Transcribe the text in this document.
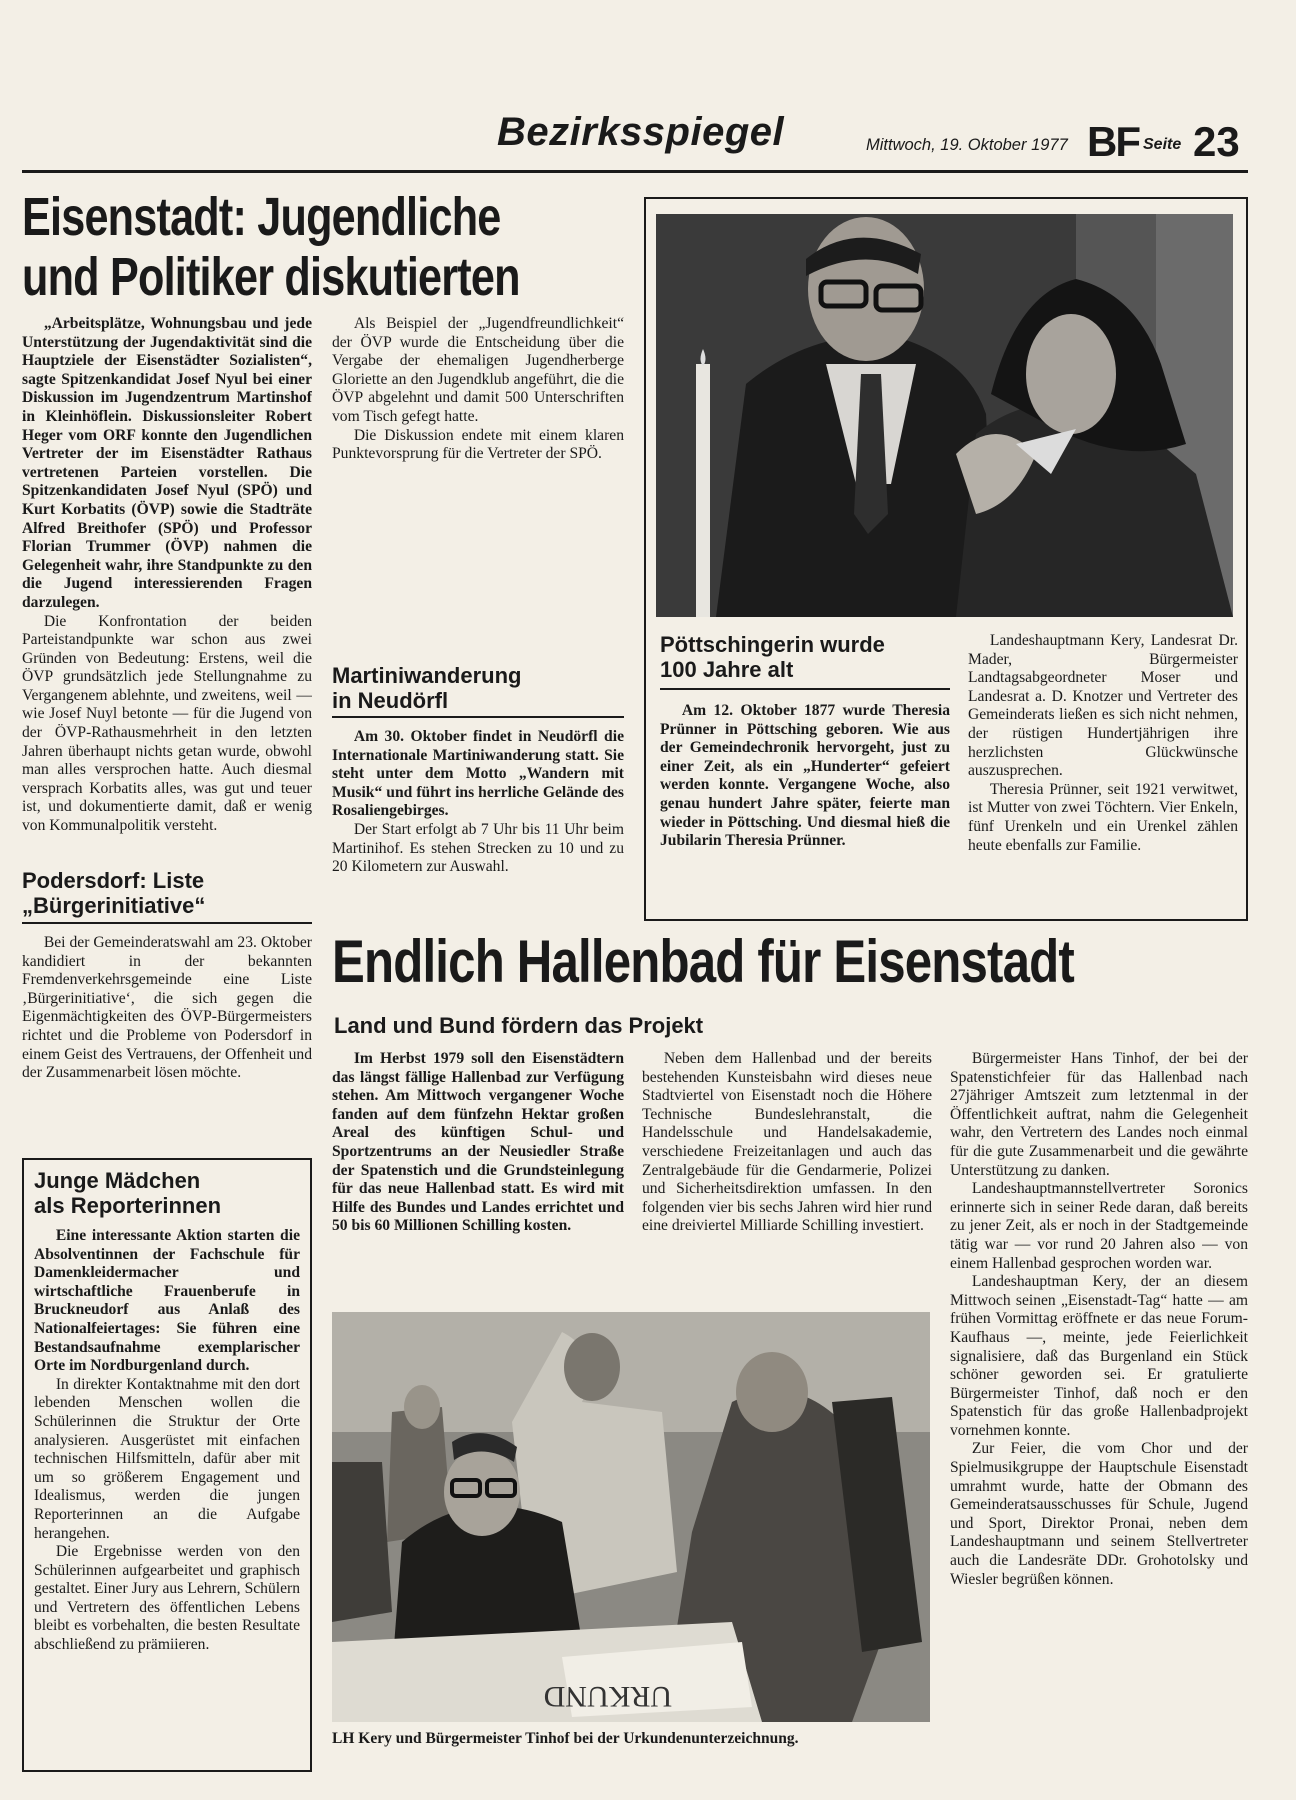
Bezirksspiegel	Mittwoch, 19. Oktober 1977 BF Seite 23
Eisenstadt: Jugendliche
und Politiker diskutierten

„Arbeitsplätze, Wohnungsbau und jede Unterstützung der Jugendaktivität sind die Hauptziele der Eisenstädter Sozialisten“, sagte Spitzenkandidat Josef Nyul bei einer Diskussion im Jugendzentrum Martinshof in Kleinhöflein. Diskussionsleiter Robert Heger vom ORF konnte den Jugendlichen Vertreter der im Eisenstädter Rathaus vertretenen Parteien vorstellen. Die Spitzenkandidaten Josef Nyul (SPÖ) und Kurt Korbatits (ÖVP) sowie die Stadträte Alfred Breithofer (SPÖ) und Professor Florian Trummer (ÖVP) nahmen die Gelegenheit wahr, ihre Standpunkte zu den die Jugend interessierenden Fragen darzulegen.

Die Konfrontation der beiden Parteistandpunkte war schon aus zwei Gründen von Bedeutung: Erstens, weil die ÖVP grundsätzlich jede Stellungnahme zu Vergangenem ablehnte, und zweitens, weil — wie Josef Nuyl betonte — für die Jugend von der ÖVP-Rathausmehrheit in den letzten Jahren überhaupt nichts getan wurde, obwohl man alles versprochen hatte. Auch diesmal versprach Korbatits alles, was gut und teuer ist, und dokumentierte damit, daß er wenig von Kommunalpolitik versteht.

Als Beispiel der „Jugendfreundlichkeit“ der ÖVP wurde die Entscheidung über die Vergabe der ehemaligen Jugendherberge Gloriette an den Jugendklub angeführt, die die ÖVP abgelehnt und damit 500 Unterschriften vom Tisch gefegt hatte.

Die Diskussion endete mit einem klaren Punktevorsprung für die Vertreter der SPÖ.

Podersdorf: Liste
„Bürgerinitiative“

Bei der Gemeinderatswahl am 23. Oktober kandidiert in der bekannten Fremdenverkehrsgemeinde eine Liste ‚Bürgerinitiative‘, die sich gegen die Eigenmächtigkeiten des ÖVP-Bürgermeisters richtet und die Probleme von Podersdorf in einem Geist des Vertrauens, der Offenheit und der Zusammenarbeit lösen möchte.

Martiniwanderung
in Neudörfl

Am 30. Oktober findet in Neudörfl die Internationale Martiniwanderung statt. Sie steht unter dem Motto „Wandern mit Musik“ und führt ins herrliche Gelände des Rosaliengebirges.

Der Start erfolgt ab 7 Uhr bis 11 Uhr beim Martinihof. Es stehen Strecken zu 10 und zu 20 Kilometern zur Auswahl.

Pöttschingerin wurde
100 Jahre alt

Am 12. Oktober 1877 wurde Theresia Prünner in Pöttsching geboren. Wie aus der Gemeindechronik hervorgeht, just zu einer Zeit, als ein „Hunderter“ gefeiert werden konnte. Vergangene Woche, also genau hundert Jahre später, feierte man wieder in Pöttsching. Und diesmal hieß die Jubilarin Theresia Prünner.

Landeshauptmann Kery, Landesrat Dr. Mader, Bürgermeister Landtagsabgeordneter Moser und Landesrat a. D. Knotzer und Vertreter des Gemeinderats ließen es sich nicht nehmen, der rüstigen Hundertjährigen ihre herzlichsten Glückwünsche auszusprechen.

Theresia Prünner, seit 1921 verwitwet, ist Mutter von zwei Töchtern. Vier Enkeln, fünf Urenkeln und ein Urenkel zählen heute ebenfalls zur Familie.

Endlich Hallenbad für Eisenstadt
Land und Bund fördern das Projekt

Im Herbst 1979 soll den Eisenstädtern das längst fällige Hallenbad zur Verfügung stehen. Am Mittwoch vergangener Woche fanden auf dem fünfzehn Hektar großen Areal des künftigen Schul- und Sportzentrums an der Neusiedler Straße der Spatenstich und die Grundsteinlegung für das neue Hallenbad statt. Es wird mit Hilfe des Bundes und Landes errichtet und 50 bis 60 Millionen Schilling kosten.

Neben dem Hallenbad und der bereits bestehenden Kunsteisbahn wird dieses neue Stadtviertel von Eisenstadt noch die Höhere Technische Bundeslehranstalt, die Handelsschule und Handelsakademie, verschiedene Freizeitanlagen und auch das Zentralgebäude für die Gendarmerie, Polizei und Sicherheitsdirektion umfassen. In den folgenden vier bis sechs Jahren wird hier rund eine dreiviertel Milliarde Schilling investiert.

Bürgermeister Hans Tinhof, der bei der Spatenstichfeier für das Hallenbad nach 27jähriger Amtszeit zum letztenmal in der Öffentlichkeit auftrat, nahm die Gelegenheit wahr, den Vertretern des Landes noch einmal für die gute Zusammenarbeit und die gewährte Unterstützung zu danken.

Landeshauptmannstellvertreter Soronics erinnerte sich in seiner Rede daran, daß bereits zu jener Zeit, als er noch in der Stadtgemeinde tätig war — vor rund 20 Jahren also — von einem Hallenbad gesprochen worden war.

Landeshauptman Kery, der an diesem Mittwoch seinen „Eisenstadt-Tag“ hatte — am frühen Vormittag eröffnete er das neue Forum-Kaufhaus —, meinte, jede Feierlichkeit signalisiere, daß das Burgenland ein Stück schöner geworden sei. Er gratulierte Bürgermeister Tinhof, daß noch er den Spatenstich für das große Hallenbadprojekt vornehmen konnte.

Zur Feier, die vom Chor und der Spielmusikgruppe der Hauptschule Eisenstadt umrahmt wurde, hatte der Obmann des Gemeinderatsausschusses für Schule, Jugend und Sport, Direktor Pronai, neben dem Landeshauptmann und seinem Stellvertreter auch die Landesräte DDr. Grohotolsky und Wiesler begrüßen können.

URKUND
LH Kery und Bürgermeister Tinhof bei der Urkundenunterzeichnung.
Junge Mädchen
als Reporterinnen

Eine interessante Aktion starten die Absolventinnen der Fachschule für Damenkleidermacher und wirtschaftliche Frauenberufe in Bruckneudorf aus Anlaß des Nationalfeiertages: Sie führen eine Bestandsaufnahme exemplarischer Orte im Nordburgenland durch.

In direkter Kontaktnahme mit den dort lebenden Menschen wollen die Schülerinnen die Struktur der Orte analysieren. Ausgerüstet mit einfachen technischen Hilfsmitteln, dafür aber mit um so größerem Engagement und Idealismus, werden die jungen Reporterinnen an die Aufgabe herangehen.

Die Ergebnisse werden von den Schülerinnen aufgearbeitet und graphisch gestaltet. Einer Jury aus Lehrern, Schülern und Vertretern des öffentlichen Lebens bleibt es vorbehalten, die besten Resultate abschließend zu prämiieren.
